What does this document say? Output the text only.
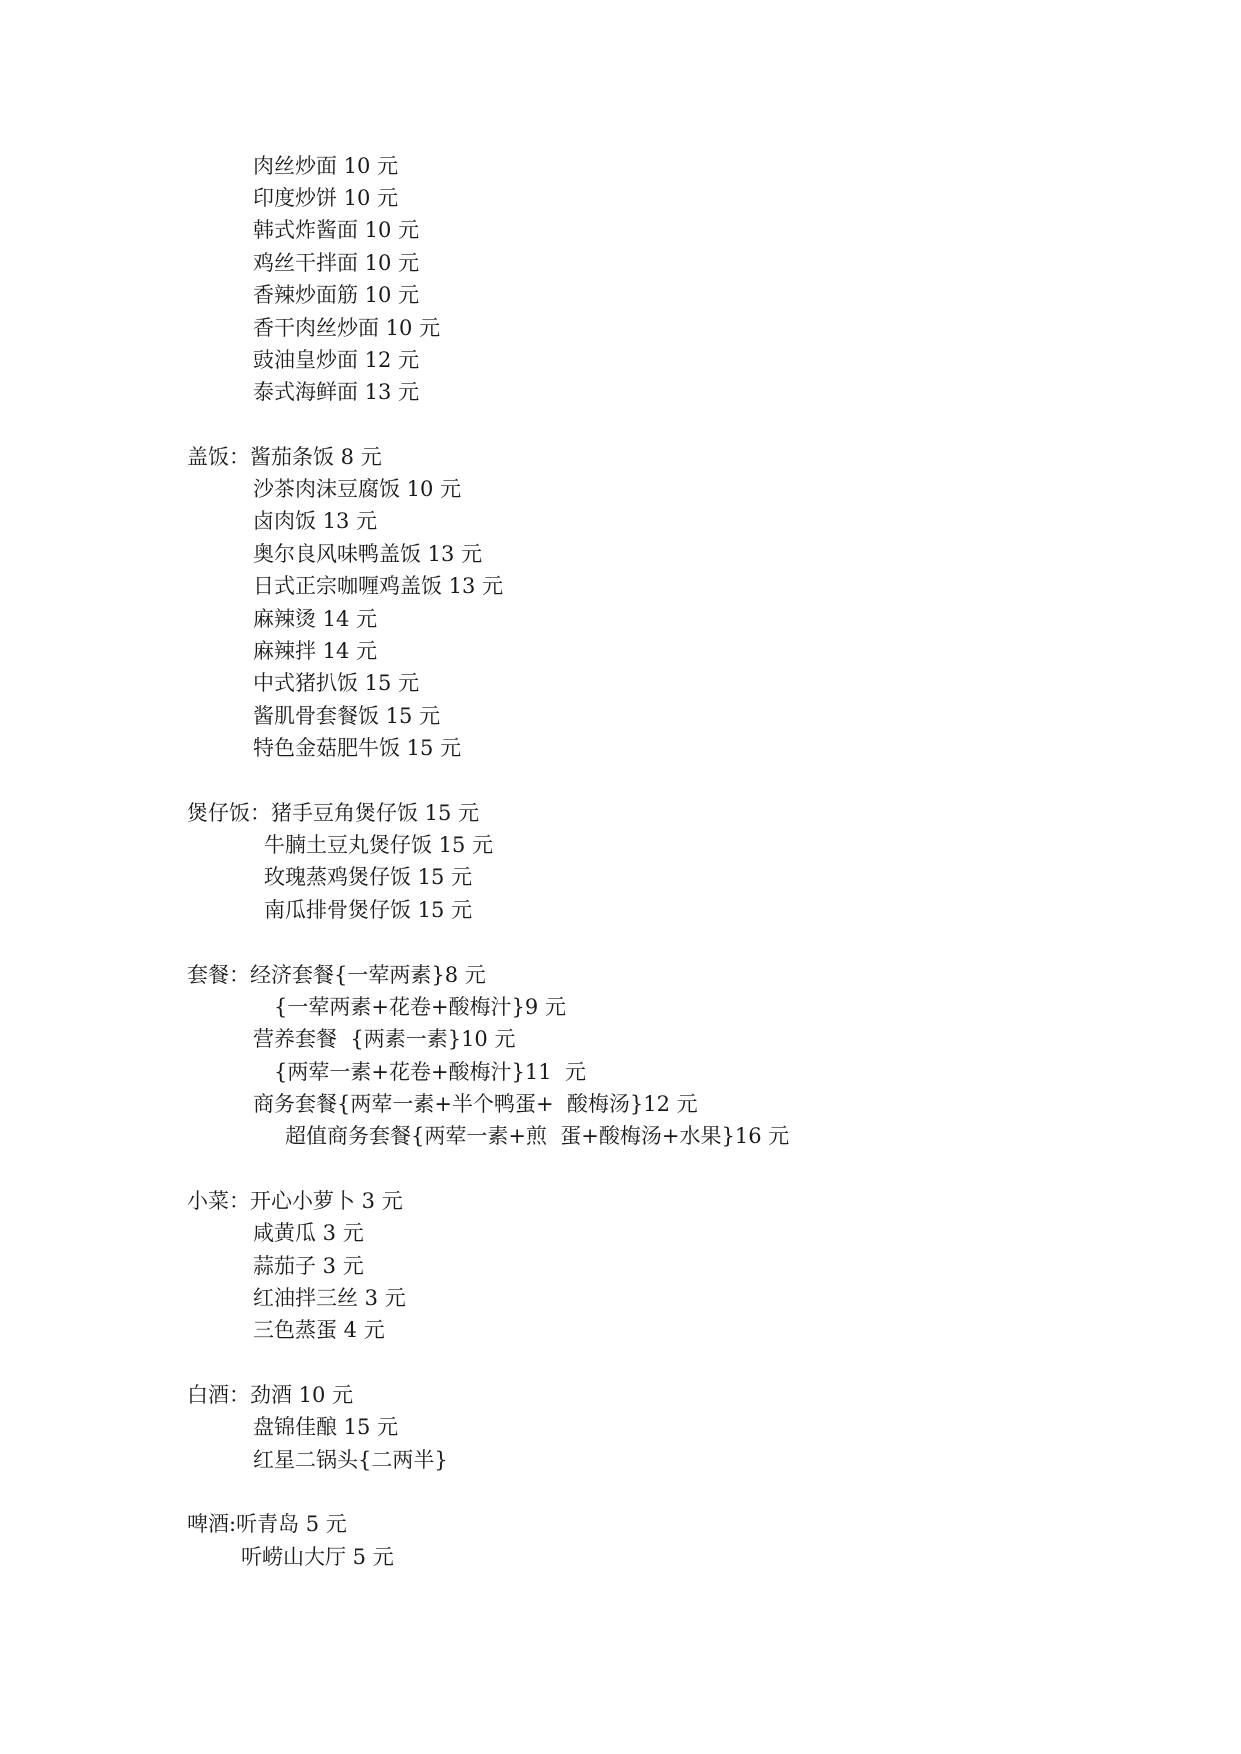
肉丝炒面 10 元
印度炒饼 10 元
韩式炸酱面 10 元
鸡丝干拌面 10 元
香辣炒面筋 10 元
香干肉丝炒面 10 元
豉油皇炒面 12 元
泰式海鲜面 13 元
盖饭：酱茄条饭 8 元
沙茶肉沫豆腐饭 10 元
卤肉饭 13 元
奥尔良风味鸭盖饭 13 元
日式正宗咖喱鸡盖饭 13 元
麻辣烫 14 元
麻辣拌 14 元
中式猪扒饭 15 元
酱肌骨套餐饭 15 元
特色金菇肥牛饭 15 元
煲仔饭：猪手豆角煲仔饭 15 元
牛腩土豆丸煲仔饭 15 元
玫瑰蒸鸡煲仔饭 15 元
南瓜排骨煲仔饭 15 元
套餐：经济套餐{一荤两素}8 元
{一荤两素+花卷+酸梅汁}9 元
营养套餐  {两素一素}10 元
{两荤一素+花卷+酸梅汁}11  元
商务套餐{两荤一素+半个鸭蛋+  酸梅汤}12 元
超值商务套餐{两荤一素+煎  蛋+酸梅汤+水果}16 元
小菜：开心小萝卜 3 元
咸黄瓜 3 元
蒜茄子 3 元
红油拌三丝 3 元
三色蒸蛋 4 元
白酒：劲酒 10 元
盘锦佳酿 15 元
红星二锅头{二两半}
啤酒:听青岛 5 元
听崂山大厅 5 元
